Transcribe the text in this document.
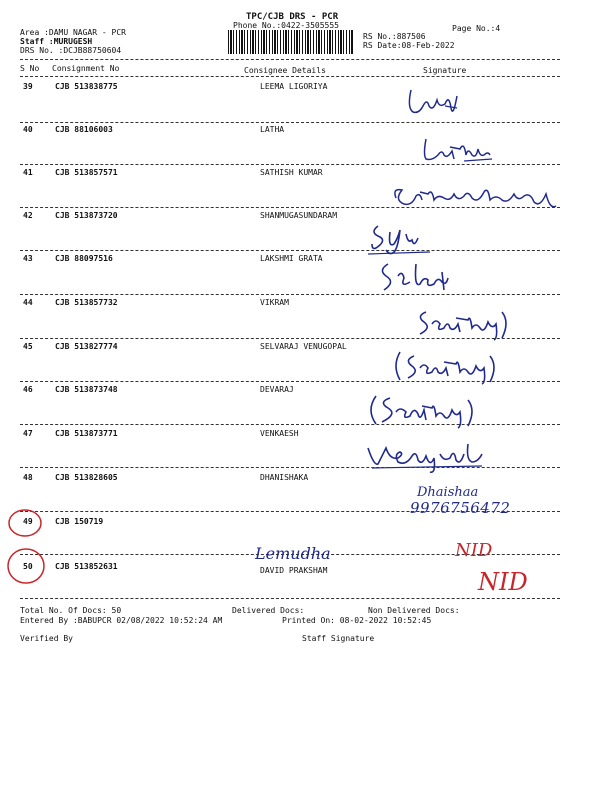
TPC/CJB DRS - PCR
Phone No.:0422-3505555	Page No.:4
Area :DAMU NAGAR - PCR
Staff :MURUGESH
DRS No. :DCJB88750604
RS No.:887506
RS Date:08-Feb-2022
S No Consignment No	Consignee Details	Signature
39	CJB 513838775	LEEMA LIGORIYA
40	CJB 88106003	LATHA
41	CJB 513857571	SATHISH KUMAR
42	CJB 513873720	SHANMUGASUNDARAM
43	CJB 88097516	LAKSHMI GRATA
44	CJB 513857732	VIKRAM
45	CJB 513827774	SELVARAJ VENUGOPAL
46	CJB 513873748	DEVARAJ
47	CJB 513873771	VENKAESH
48	CJB 513828605	DHANISHAKA
49	CJB 150719
50	CJB 513852631	DAVID PRAKSHAM
Dhaishaa
9976756472
Lemudha	NID
NID
Total No. Of Docs: 50	Delivered Docs:	Non Delivered Docs:
Entered By :BABUPCR 02/08/2022 10:52:24 AM	Printed On: 08-02-2022 10:52:45
Verified By	Staff Signature
